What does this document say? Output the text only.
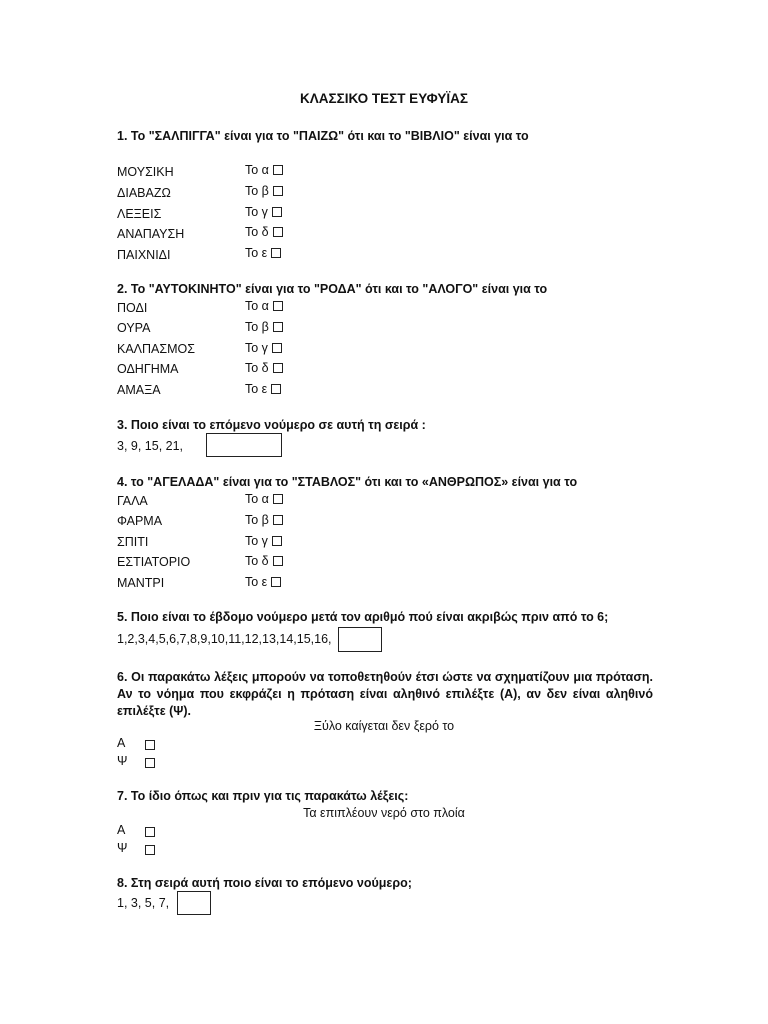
ΚΛΑΣΣΙΚΟ ΤΕΣΤ ΕΥΦΥΪΑΣ
1. Το "ΣΑΛΠΙΓΓΑ" είναι για το "ΠΑΙΖΩ" ότι και το "ΒΙΒΛΙΟ" είναι για το
ΜΟΥΣΙΚΗ
ΔΙΑΒΑΖΩ
ΛΕΞΕΙΣ
ΑΝΑΠΑΥΣΗ
ΠΑΙΧΝΙΔΙ
Το α
Το β
Το γ
Το δ
Το ε
2. Το "ΑΥΤΟΚΙΝΗΤΟ" είναι για το "ΡΟΔΑ" ότι και το "ΑΛΟΓΟ" είναι για το
ΠΟΔΙ
ΟΥΡΑ
ΚΑΛΠΑΣΜΟΣ
ΟΔΗΓΗΜΑ
ΑΜΑΞΑ
Το α
Το β
Το γ
Το δ
Το ε
3. Ποιο είναι το επόμενο νούμερο σε αυτή τη σειρά :
3, 9, 15, 21,
4. το "ΑΓΕΛΑΔΑ" είναι για το "ΣΤΑΒΛΟΣ" ότι και το «ΑΝΘΡΩΠΟΣ» είναι για το
ΓΑΛΑ
ΦΑΡΜΑ
ΣΠΙΤΙ
ΕΣΤΙΑΤΟΡΙΟ
ΜΑΝΤΡΙ
Το α
Το β
Το γ
Το δ
Το ε
5. Ποιο είναι το έβδομο νούμερο μετά τον αριθμό πού είναι ακριβώς πριν από το 6;
1,2,3,4,5,6,7,8,9,10,11,12,13,14,15,16,
6. Οι παρακάτω λέξεις μπορούν να τοποθετηθούν έτσι ώστε να σχηματίζουν μια πρόταση. Αν το νόημα που εκφράζει η πρόταση είναι αληθινό επιλέξτε (Α), αν δεν είναι αληθινό επιλέξτε (Ψ).
Ξύλο καίγεται δεν ξερό το
Α
Ψ
7. Το ίδιο όπως και πριν για τις παρακάτω λέξεις:
Τα επιπλέουν νερό στο πλοία
Α
Ψ
8. Στη σειρά αυτή ποιο είναι το επόμενο νούμερο;
1, 3, 5, 7,
